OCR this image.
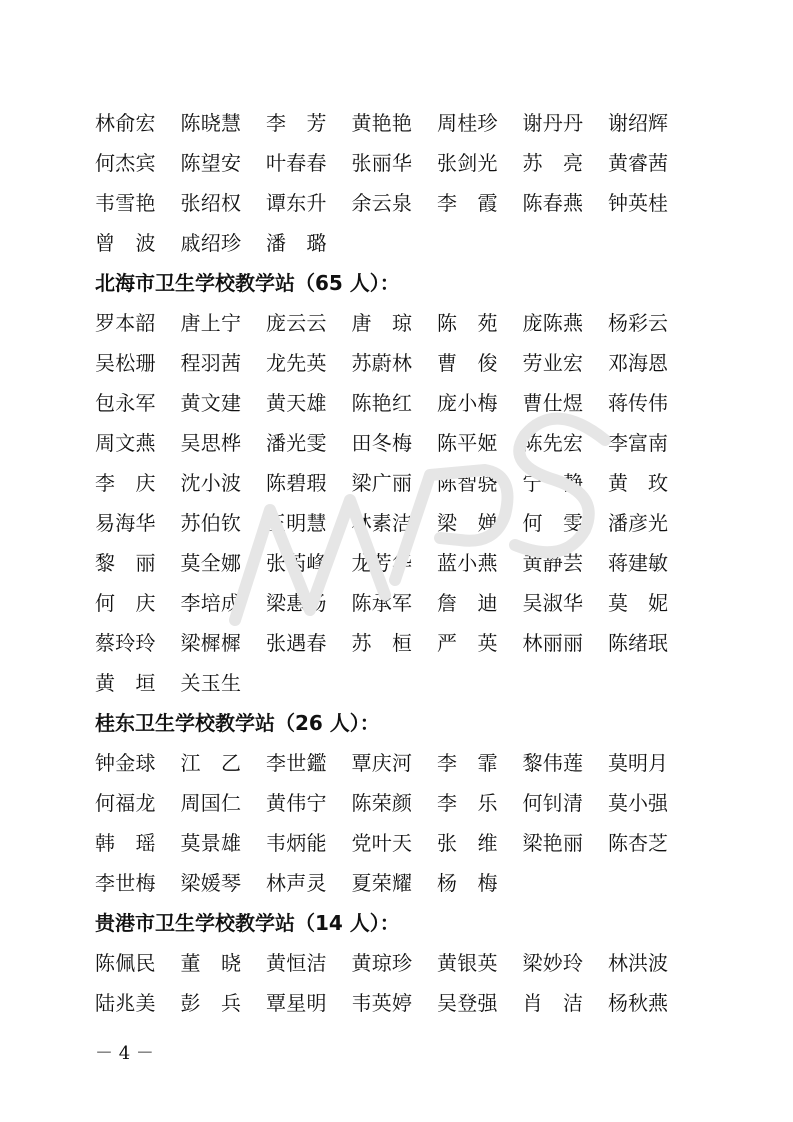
林俞宏	陈晓慧	李　芳	黄艳艳	周桂珍	谢丹丹	谢绍辉
何杰宾	陈望安	叶春春	张丽华	张剑光	苏　亮	黄睿茜
韦雪艳	张绍权	谭东升	余云泉	李　霞	陈春燕	钟英桂
曾　波	戚绍珍	潘　璐
北海市卫生学校教学站（65 人）：
罗本韶	唐上宁	庞云云	唐　琼	陈　苑	庞陈燕	杨彩云
吴松珊	程羽茜	龙先英	苏蔚林	曹　俊	劳业宏	邓海恩
包永军	黄文建	黄天雄	陈艳红	庞小梅	曹仕煜	蒋传伟
周文燕	吴思桦	潘光雯	田冬梅	陈平姬	陈先宏	李富南
李　庆	沈小波	陈碧瑕	梁广丽	陈智骁	宁一静	黄　玫
易海华	苏伯钦	王明慧	林素洁	梁　婵	何　雯	潘彦光
黎　丽	莫全娜	张芮峰	龙芳华	蓝小燕	黄静芸	蒋建敏
何　庆	李培成	梁惠扬	陈承军	詹　迪	吴淑华	莫　妮
蔡玲玲	梁樨樨	张遇春	苏　桓	严　英	林丽丽	陈绪珉
黄　垣	关玉生
桂东卫生学校教学站（26 人）：
钟金球	江　乙	李世鑑	覃庆河	李　霏	黎伟莲	莫明月
何福龙	周国仁	黄伟宁	陈荣颜	李　乐	何钊清	莫小强
韩　瑶	莫景雄	韦炳能	党叶天	张　维	梁艳丽	陈杏芝
李世梅	梁媛琴	林声灵	夏荣耀	杨　梅
贵港市卫生学校教学站（14 人）：
陈佩民	董　晓	黄恒洁	黄琼珍	黄银英	梁妙玲	林洪波
陆兆美	彭　兵	覃星明	韦英婷	吴登强	肖　洁	杨秋燕
－ 4 －
